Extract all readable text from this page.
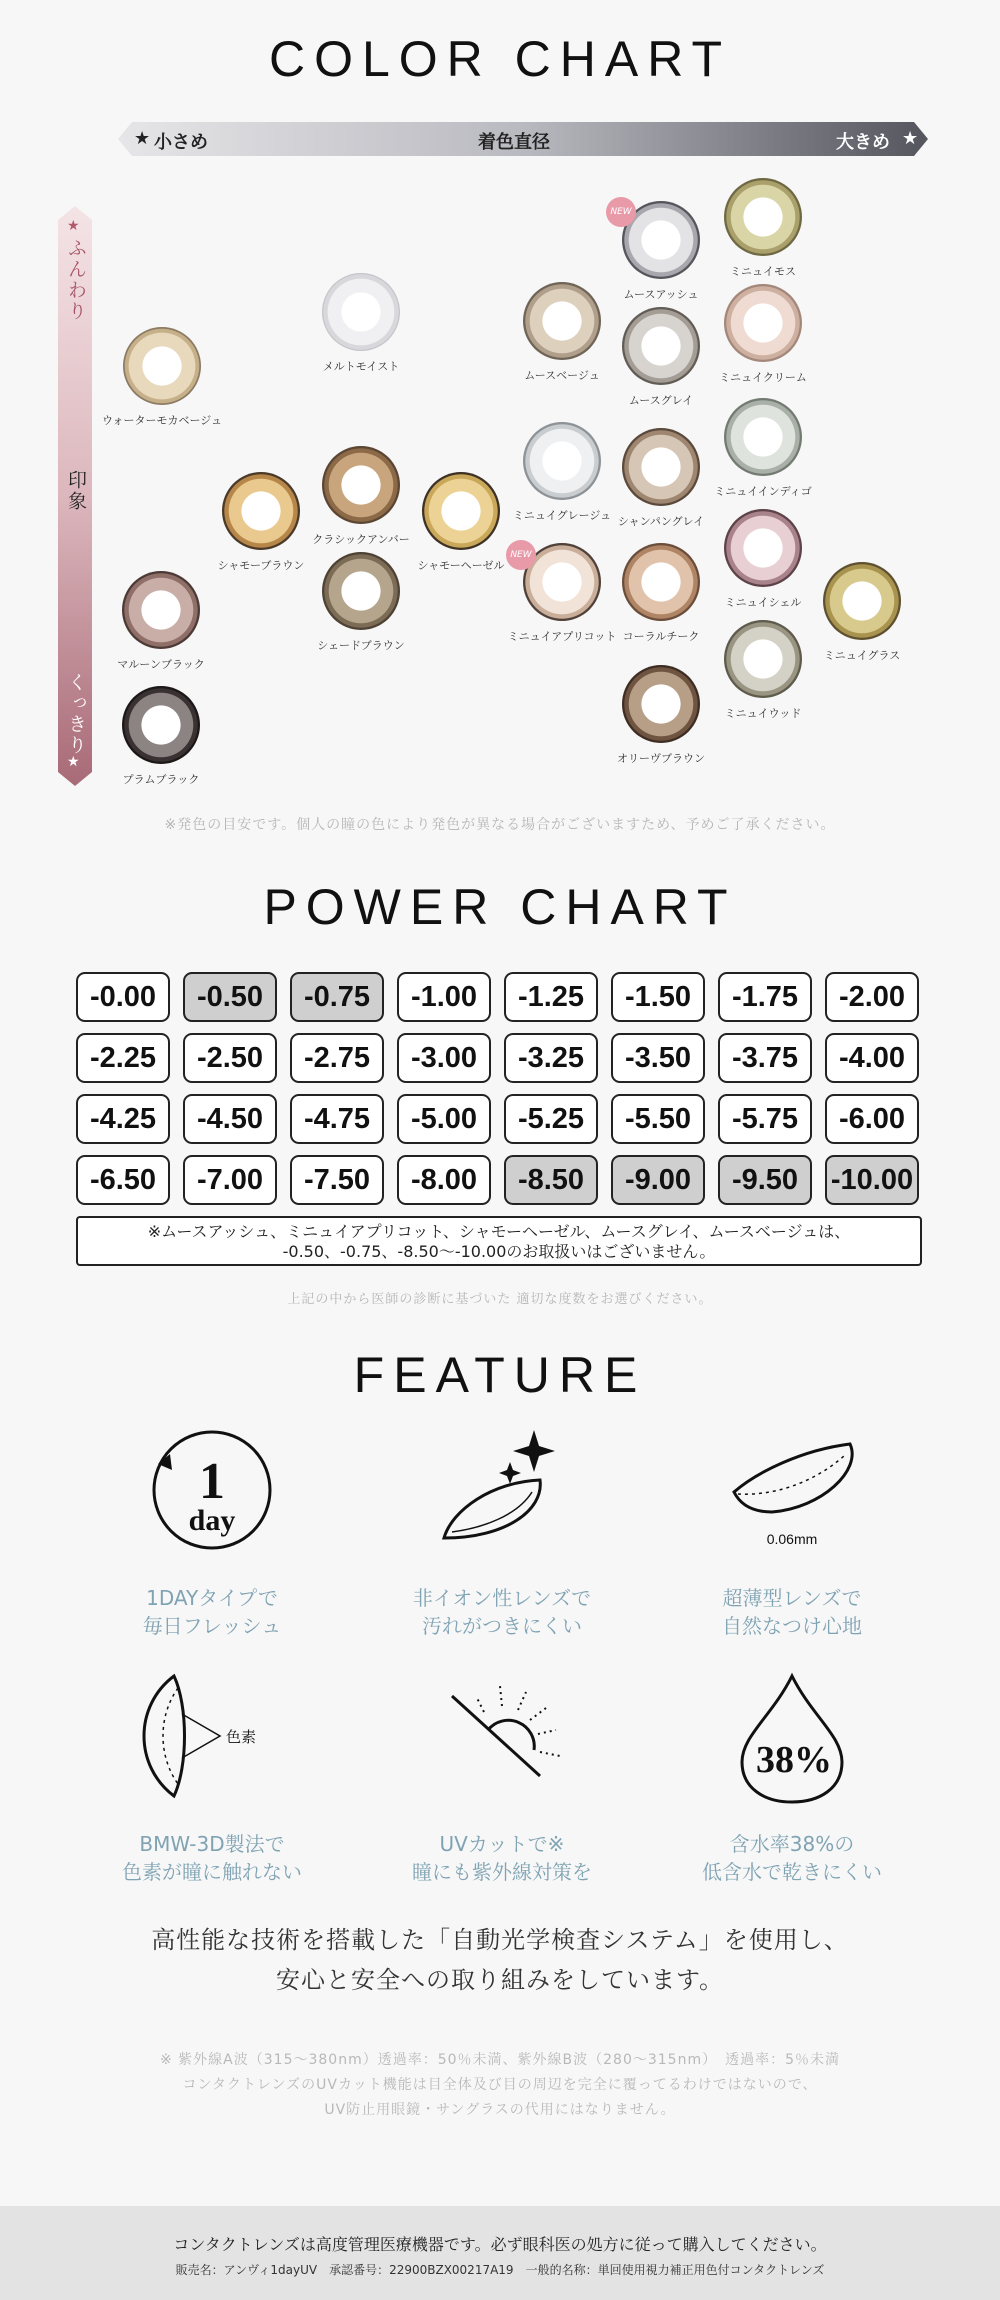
COLOR CHART
★ 小さめ	着色直径	大きめ ★
★
ふんわり
印象
くっきり
★
ウォーターモカベージュ
メルトモイスト
シャモーブラウン
クラシックアンバー
シャモーヘーゼル
シェードブラウン
マルーンブラック
プラムブラック
ムースベージュ
ミニュイグレージュ
ミニュイアプリコット
NEW
ムースアッシュ
NEW
ムースグレイ
シャンパングレイ
コーラルチーク
オリーヴブラウン
ミニュイモス
ミニュイクリーム
ミニュイインディゴ
ミニュイシェル
ミニュイウッド
ミニュイグラス
※発色の目安です。個人の瞳の色により発色が異なる場合がございますため、予めご了承ください。
POWER CHART
-0.00	-0.50	-0.75	-1.00	-1.25	-1.50	-1.75	-2.00
-2.25	-2.50	-2.75	-3.00	-3.25	-3.50	-3.75	-4.00
-4.25	-4.50	-4.75	-5.00	-5.25	-5.50	-5.75	-6.00
-6.50	-7.00	-7.50	-8.00	-8.50	-9.00	-9.50	-10.00
※ムースアッシュ、ミニュイアプリコット、シャモーヘーゼル、ムースグレイ、ムースベージュは、
-0.50、-0.75、-8.50～-10.00のお取扱いはございません。
上記の中から医師の診断に基づいた 適切な度数をお選びください。
FEATURE
1
day
1DAYタイプで
毎日フレッシュ
非イオン性レンズで
汚れがつきにくい
0.06mm
超薄型レンズで
自然なつけ心地
色素
BMW-3D製法で
色素が瞳に触れない
UVカットで※
瞳にも紫外線対策を
38%
含水率38%の
低含水で乾きにくい
高性能な技術を搭載した「自動光学検査システム」を使用し、
安心と安全への取り組みをしています。
※ 紫外線A波（315～380nm）透過率：50％未満、紫外線B波（280～315nm）　透過率：5％未満
コンタクトレンズのUVカット機能は目全体及び目の周辺を完全に覆ってるわけではないので、
UV防止用眼鏡・サングラスの代用にはなりません。
コンタクトレンズは高度管理医療機器です。必ず眼科医の処方に従って購入してください。
販売名：アンヴィ1dayUV　承認番号：22900BZX00217A19　一般的名称：単回使用視力補正用色付コンタクトレンズ
